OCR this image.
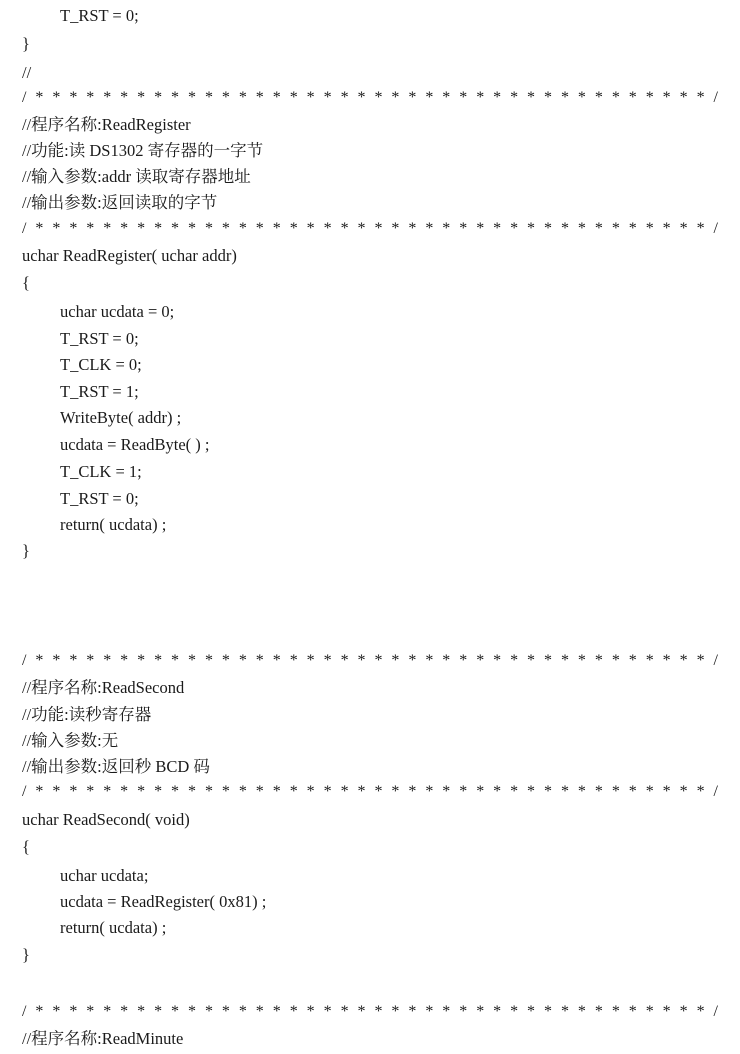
T_RST = 0;
}
//
/ * * * * * * * * * * * * * * * * * * * * * * * * * * * * * * * * * * * * * * * * /
//程序名称:ReadRegister
//功能:读 DS1302 寄存器的一字节
//输入参数:addr 读取寄存器地址
//输出参数:返回读取的字节
/ * * * * * * * * * * * * * * * * * * * * * * * * * * * * * * * * * * * * * * * * /
uchar ReadRegister( uchar addr)
{
uchar ucdata = 0;
T_RST = 0;
T_CLK = 0;
T_RST = 1;
WriteByte( addr) ;
ucdata = ReadByte( ) ;
T_CLK = 1;
T_RST = 0;
return( ucdata) ;
}
/ * * * * * * * * * * * * * * * * * * * * * * * * * * * * * * * * * * * * * * * * /
//程序名称:ReadSecond
//功能:读秒寄存器
//输入参数:无
//输出参数:返回秒 BCD 码
/ * * * * * * * * * * * * * * * * * * * * * * * * * * * * * * * * * * * * * * * * /
uchar ReadSecond( void)
{
uchar ucdata;
ucdata = ReadRegister( 0x81) ;
return( ucdata) ;
}
/ * * * * * * * * * * * * * * * * * * * * * * * * * * * * * * * * * * * * * * * * /
//程序名称:ReadMinute
